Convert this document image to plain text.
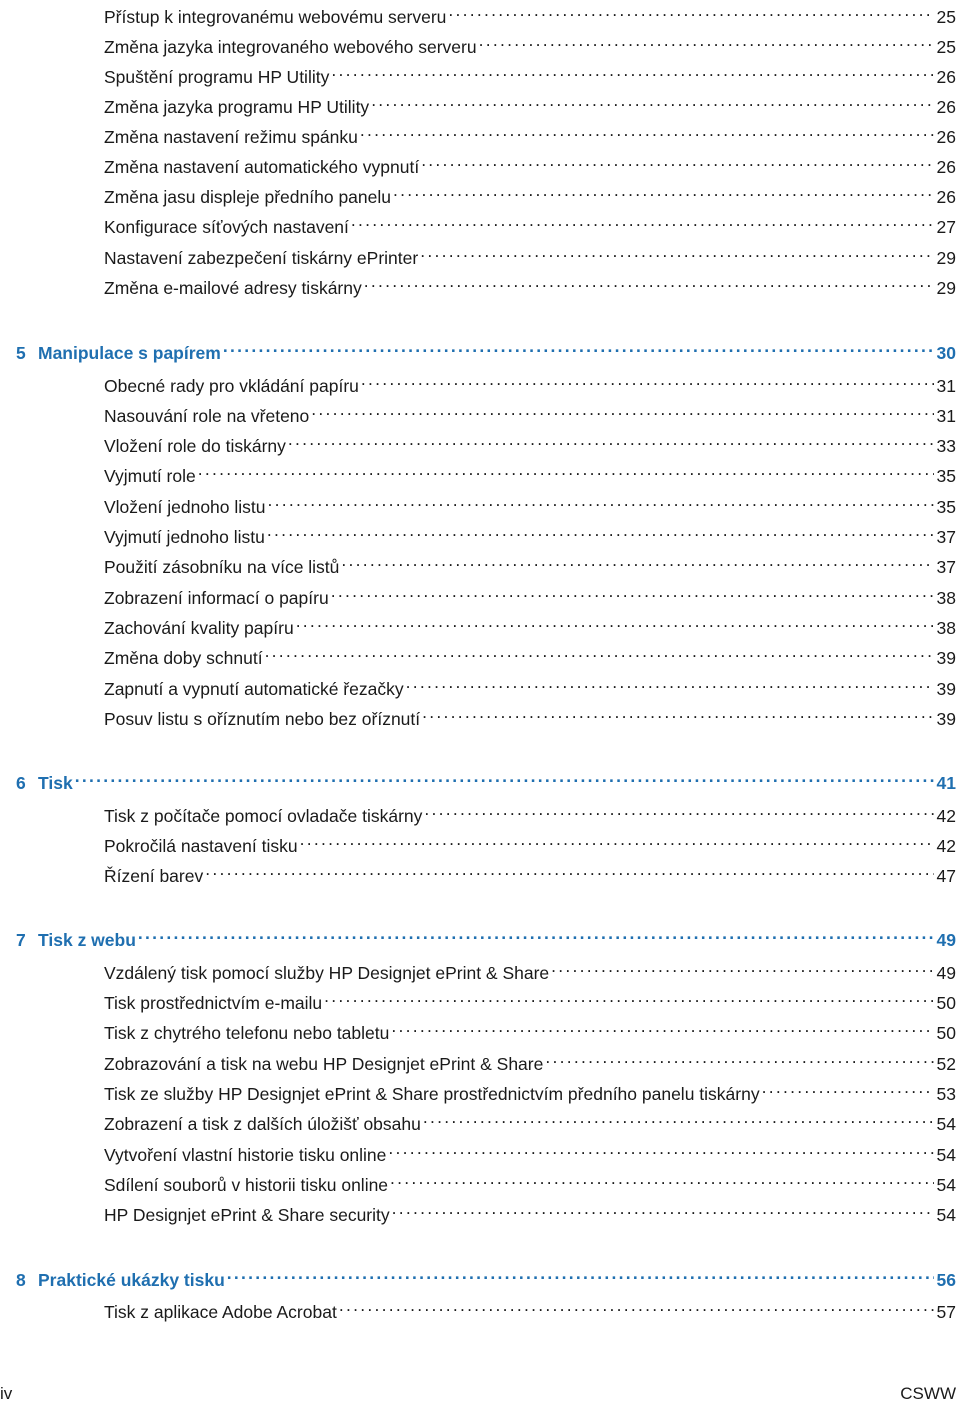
Přístup k integrovanému webovému serveru . . .	25
Změna jazyka integrovaného webového serveru . . .	25
Spuštění programu HP Utility . . .	26
Změna jazyka programu HP Utility . . .	26
Změna nastavení režimu spánku . . .	26
Změna nastavení automatického vypnutí . . .	26
Změna jasu displeje předního panelu . . .	26
Konfigurace síťových nastavení . . .	27
Nastavení zabezpečení tiskárny ePrinter . . .	29
Změna e-mailové adresy tiskárny . . .	29
5 Manipulace s papírem . . .	30
Obecné rady pro vkládání papíru . . .	31
Nasouvání role na vřeteno . . .	31
Vložení role do tiskárny . . .	33
Vyjmutí role . . .	35
Vložení jednoho listu . . .	35
Vyjmutí jednoho listu . . .	37
Použití zásobníku na více listů . . .	37
Zobrazení informací o papíru . . .	38
Zachování kvality papíru . . .	38
Změna doby schnutí . . .	39
Zapnutí a vypnutí automatické řezačky . . .	39
Posuv listu s oříznutím nebo bez oříznutí . . .	39
6 Tisk . . .	41
Tisk z počítače pomocí ovladače tiskárny . . .	42
Pokročilá nastavení tisku . . .	42
Řízení barev . . .	47
7 Tisk z webu . . .	49
Vzdálený tisk pomocí služby HP Designjet ePrint & Share . . .	49
Tisk prostřednictvím e-mailu . . .	50
Tisk z chytrého telefonu nebo tabletu . . .	50
Zobrazování a tisk na webu HP Designjet ePrint & Share . . .	52
Tisk ze služby HP Designjet ePrint & Share prostřednictvím předního panelu tiskárny . . .	53
Zobrazení a tisk z dalších úložišť obsahu . . .	54
Vytvoření vlastní historie tisku online . . .	54
Sdílení souborů v historii tisku online . . .	54
HP Designjet ePrint & Share security . . .	54
8 Praktické ukázky tisku . . .	56
Tisk z aplikace Adobe Acrobat . . .	57
iv	CSWW
